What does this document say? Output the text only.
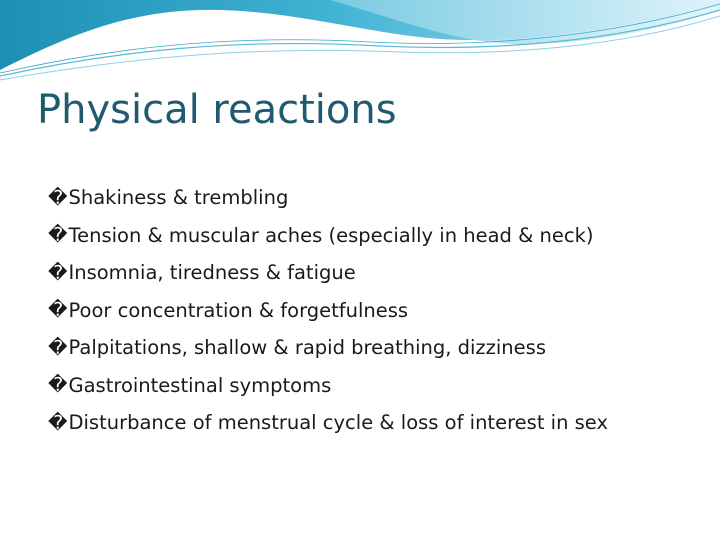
Physical reactions
� Shakiness & trembling
� Tension & muscular aches (especially in head & neck)
� Insomnia, tiredness & fatigue
� Poor concentration & forgetfulness
� Palpitations, shallow & rapid breathing, dizziness
� Gastrointestinal symptoms
� Disturbance of menstrual cycle & loss of interest in sex
